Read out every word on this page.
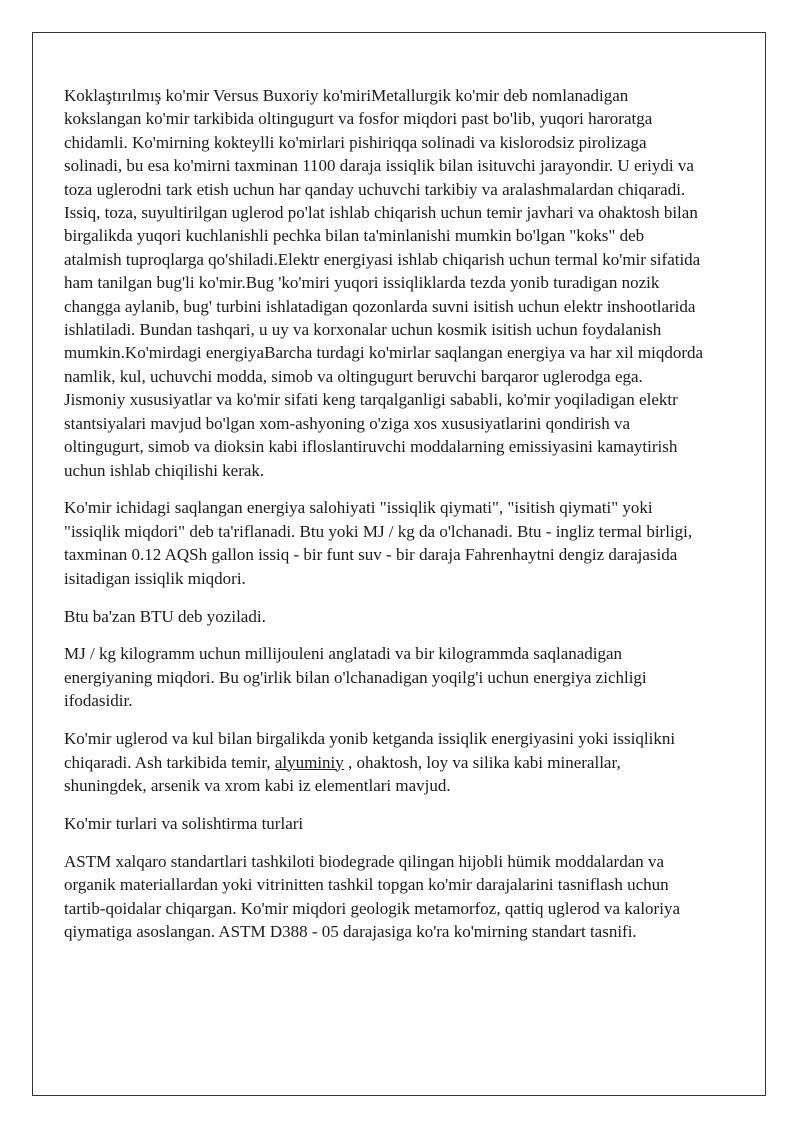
Koklaştırılmış ko'mir Versus Buxoriy ko'miriMetallurgik ko'mir deb nomlanadigan kokslangan ko'mir tarkibida oltingugurt va fosfor miqdori past bo'lib, yuqori haroratga chidamli. Ko'mirning kokteylli ko'mirlari pishiriqqa solinadi va kislorodsiz pirolizaga solinadi, bu esa ko'mirni taxminan 1100 daraja issiqlik bilan isituvchi jarayondir. U eriydi va toza uglerodni tark etish uchun har qanday uchuvchi tarkibiy va aralashmalardan chiqaradi. Issiq, toza, suyultirilgan uglerod po'lat ishlab chiqarish uchun temir javhari va ohaktosh bilan birgalikda yuqori kuchlanishli pechka bilan ta'minlanishi mumkin bo'lgan "koks" deb atalmish tuproqlarga qo'shiladi.Elektr energiyasi ishlab chiqarish uchun termal ko'mir sifatida ham tanilgan bug'li ko'mir.Bug 'ko'miri yuqori issiqliklarda tezda yonib turadigan nozik changga aylanib, bug' turbini ishlatadigan qozonlarda suvni isitish uchun elektr inshootlarida ishlatiladi. Bundan tashqari, u uy va korxonalar uchun kosmik isitish uchun foydalanish mumkin.Ko'mirdagi energiyaBarcha turdagi ko'mirlar saqlangan energiya va har xil miqdorda namlik, kul, uchuvchi modda, simob va oltingugurt beruvchi barqaror uglerodga ega. Jismoniy xususiyatlar va ko'mir sifati keng tarqalganligi sababli, ko'mir yoqiladigan elektr stantsiyalari mavjud bo'lgan xom-ashyoning o'ziga xos xususiyatlarini qondirish va oltingugurt, simob va dioksin kabi ifloslantiruvchi moddalarning emissiyasini kamaytirish uchun ishlab chiqilishi kerak.

Ko'mir ichidagi saqlangan energiya salohiyati "issiqlik qiymati", "isitish qiymati" yoki "issiqlik miqdori" deb ta'riflanadi. Btu yoki MJ / kg da o'lchanadi. Btu - ingliz termal birligi, taxminan 0.12 AQSh gallon issiq - bir funt suv - bir daraja Fahrenhaytni dengiz darajasida isitadigan issiqlik miqdori.

Btu ba'zan BTU deb yoziladi.

MJ / kg kilogramm uchun millijouleni anglatadi va bir kilogrammda saqlanadigan energiyaning miqdori. Bu og'irlik bilan o'lchanadigan yoqilg'i uchun energiya zichligi ifodasidir.

Ko'mir uglerod va kul bilan birgalikda yonib ketganda issiqlik energiyasini yoki issiqlikni chiqaradi. Ash tarkibida temir, alyuminiy , ohaktosh, loy va silika kabi minerallar, shuningdek, arsenik va xrom kabi iz elementlari mavjud.

Ko'mir turlari va solishtirma turlari

ASTM xalqaro standartlari tashkiloti biodegrade qilingan hijobli hümik moddalardan va organik materiallardan yoki vitrinitten tashkil topgan ko'mir darajalarini tasniflash uchun tartib-qoidalar chiqargan. Ko'mir miqdori geologik metamorfoz, qattiq uglerod va kaloriya qiymatiga asoslangan. ASTM D388 - 05 darajasiga ko'ra ko'mirning standart tasnifi.
